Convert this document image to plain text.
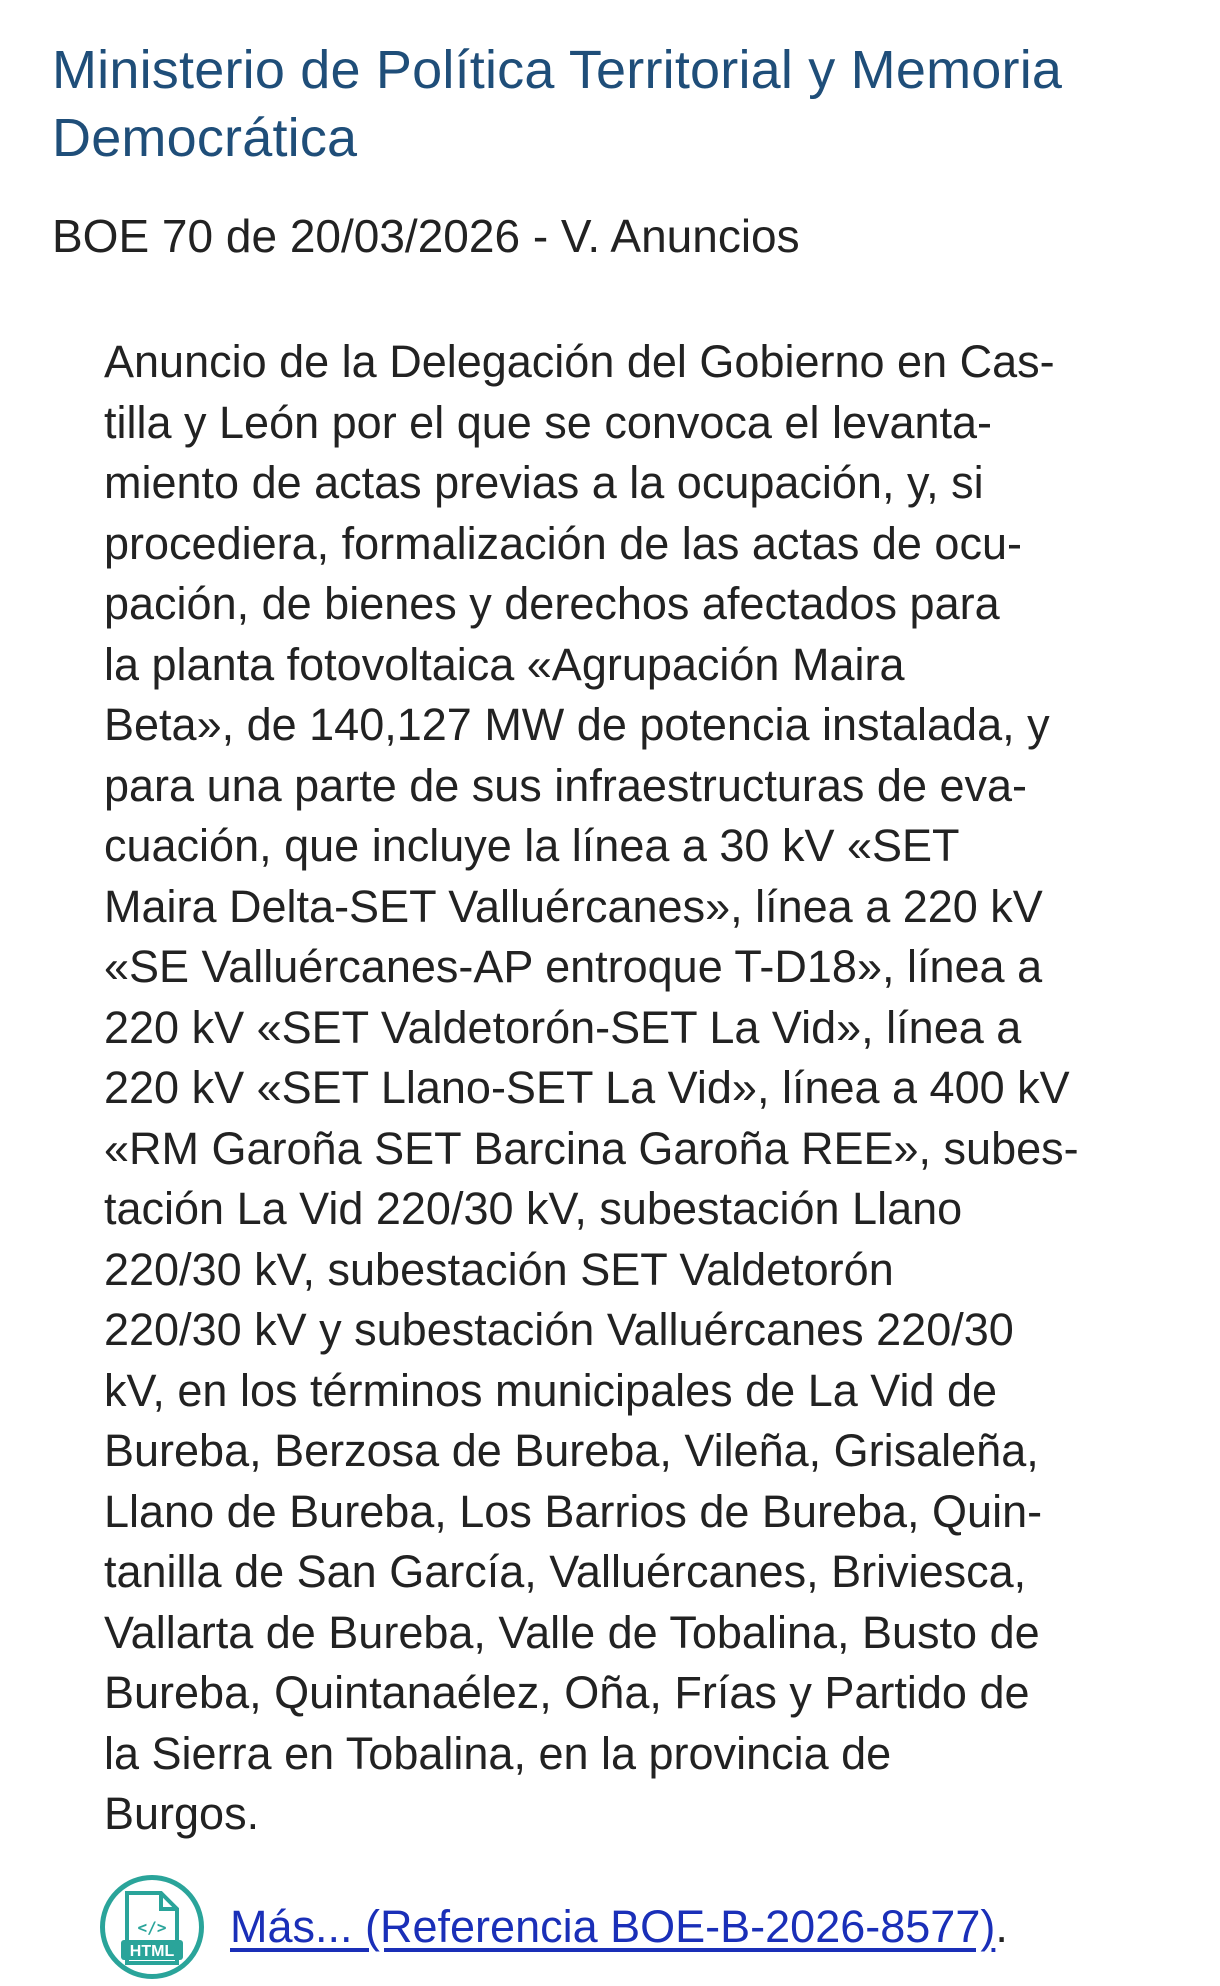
Ministerio de Política Territorial y Memoria
Democrática
BOE 70 de 20/03/2026 - V. Anuncios

Anuncio de la Delegación del Gobierno en Cas-
tilla y León por el que se convoca el levanta-
miento de actas previas a la ocupación, y, si
procediera, formalización de las actas de ocu-
pación, de bienes y derechos afectados para
la planta fotovoltaica «Agrupación Maira
Beta», de 140,127 MW de potencia instalada, y
para una parte de sus infraestructuras de eva-
cuación, que incluye la línea a 30 kV «SET
Maira Delta-SET Valluércanes», línea a 220 kV
«SE Valluércanes-AP entroque T-D18», línea a
220 kV «SET Valdetorón-SET La Vid», línea a
220 kV «SET Llano-SET La Vid», línea a 400 kV
«RM Garoña SET Barcina Garoña REE», subes-
tación La Vid 220/30 kV, subestación Llano
220/30 kV, subestación SET Valdetorón
220/30 kV y subestación Valluércanes 220/30
kV, en los términos municipales de La Vid de
Bureba, Berzosa de Bureba, Vileña, Grisaleña,
Llano de Bureba, Los Barrios de Bureba, Quin-
tanilla de San García, Valluércanes, Briviesca,
Vallarta de Bureba, Valle de Tobalina, Busto de
Bureba, Quintanaélez, Oña, Frías y Partido de
la Sierra en Tobalina, en la provincia de
Burgos.

</>
HTML Más... (Referencia BOE-B-2026-8577) .
